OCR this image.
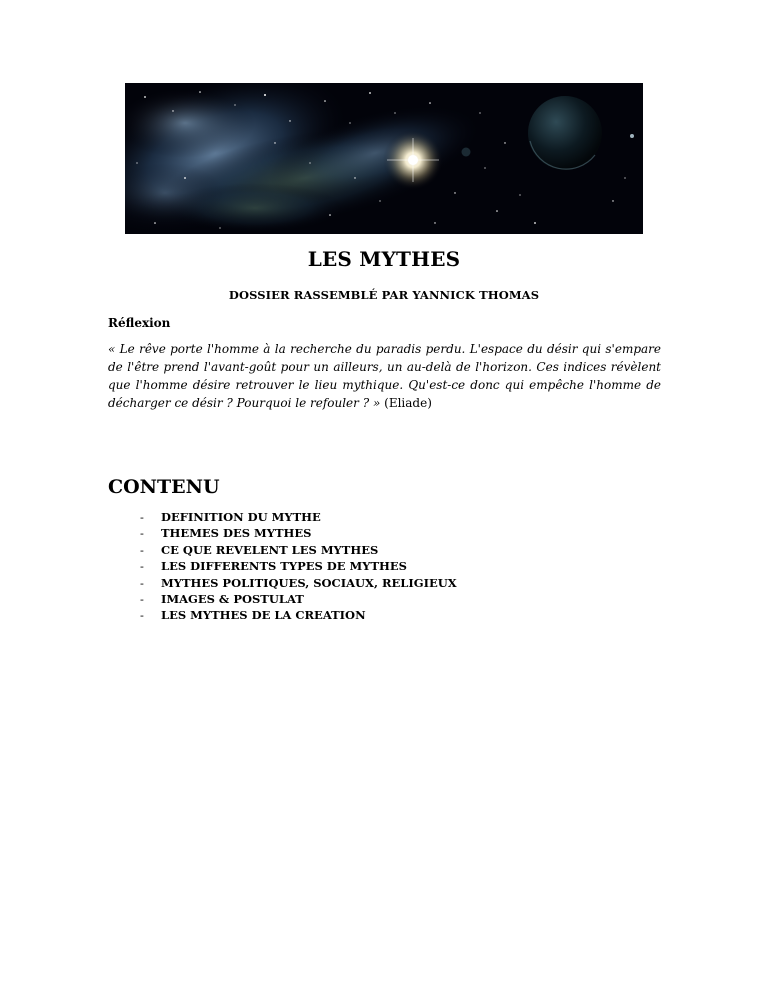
LES MYTHES
DOSSIER RASSEMBLÉ PAR YANNICK THOMAS
Réflexion
« Le rêve porte l'homme à la recherche du paradis perdu. L'espace du désir qui s'empare de l'être prend l'avant-goût pour un ailleurs, un au-delà de l'horizon. Ces indices révèlent que l'homme désire retrouver le lieu mythique. Qu'est-ce donc qui empêche l'homme de décharger ce désir ? Pourquoi le refouler ? » (Eliade)
CONTENU
- DEFINITION DU MYTHE
- THEMES DES MYTHES
- CE QUE REVELENT LES MYTHES
- LES DIFFERENTS TYPES DE MYTHES
- MYTHES POLITIQUES, SOCIAUX, RELIGIEUX
- IMAGES & POSTULAT
- LES MYTHES DE LA CREATION
